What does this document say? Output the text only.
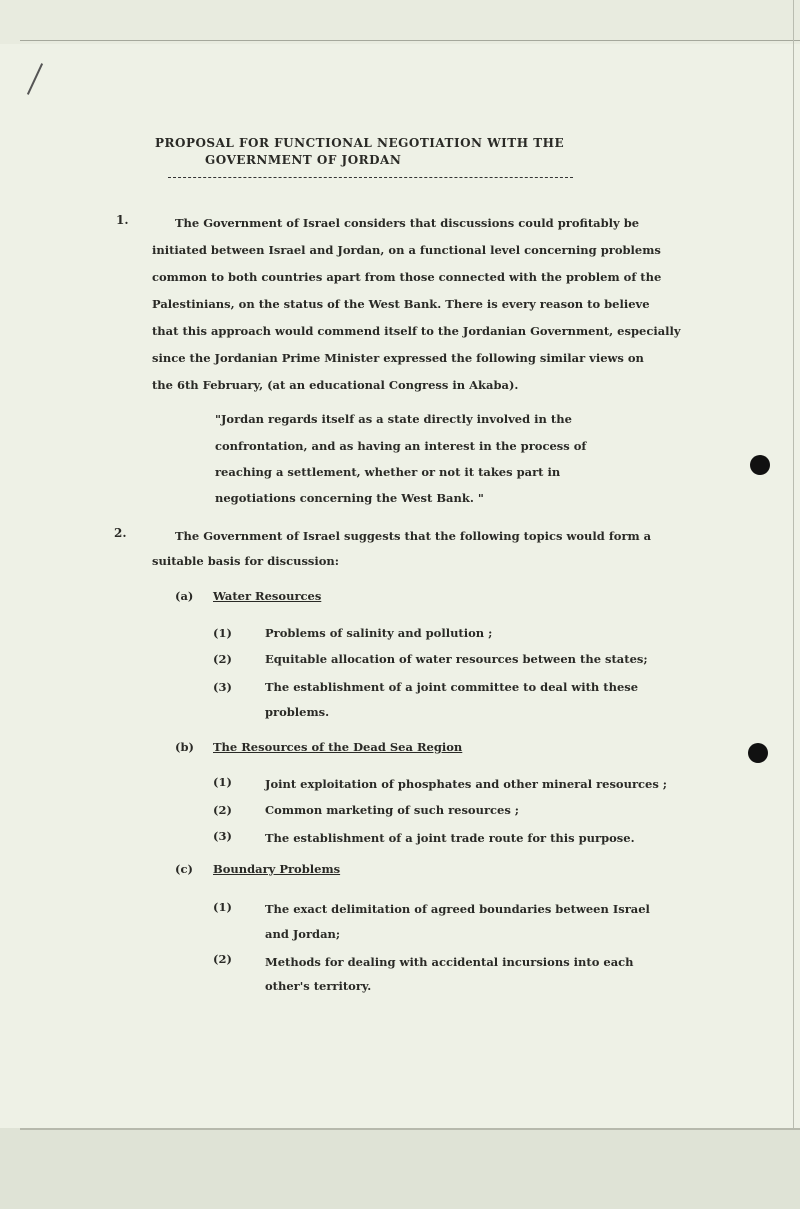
PROPOSAL FOR FUNCTIONAL NEGOTIATION WITH THE
GOVERNMENT OF JORDAN
1.	The Government of Israel considers that discussions could profitably be
initiated between Israel and Jordan, on a functional level concerning problems
common to both countries apart from those connected with the problem of the
Palestinians, on the status of the West Bank. There is every reason to believe
that this approach would commend itself to the Jordanian Government, especially
since the Jordanian Prime Minister expressed the following similar views on
the 6th February, (at an educational Congress in Akaba).
"Jordan regards itself as a state directly involved in the
confrontation, and as having an interest in the process of
reaching a settlement, whether or not it takes part in
negotiations concerning the West Bank. "
2.	The Government of Israel suggests that the following topics would form a
suitable basis for discussion:
(a) Water Resources
(1)	Problems of salinity and pollution ;
(2)	Equitable allocation of water resources between the states;
(3)	The establishment of a joint committee to deal with these
problems.
(b) The Resources of the Dead Sea Region
(1)	Joint exploitation of phosphates and other mineral resources ;
(2)	Common marketing of such resources ;
(3)	The establishment of a joint trade route for this purpose.
(c) Boundary Problems
(1)	The exact delimitation of agreed boundaries between Israel
and Jordan;
(2)	Methods for dealing with accidental incursions into each
other's territory.
